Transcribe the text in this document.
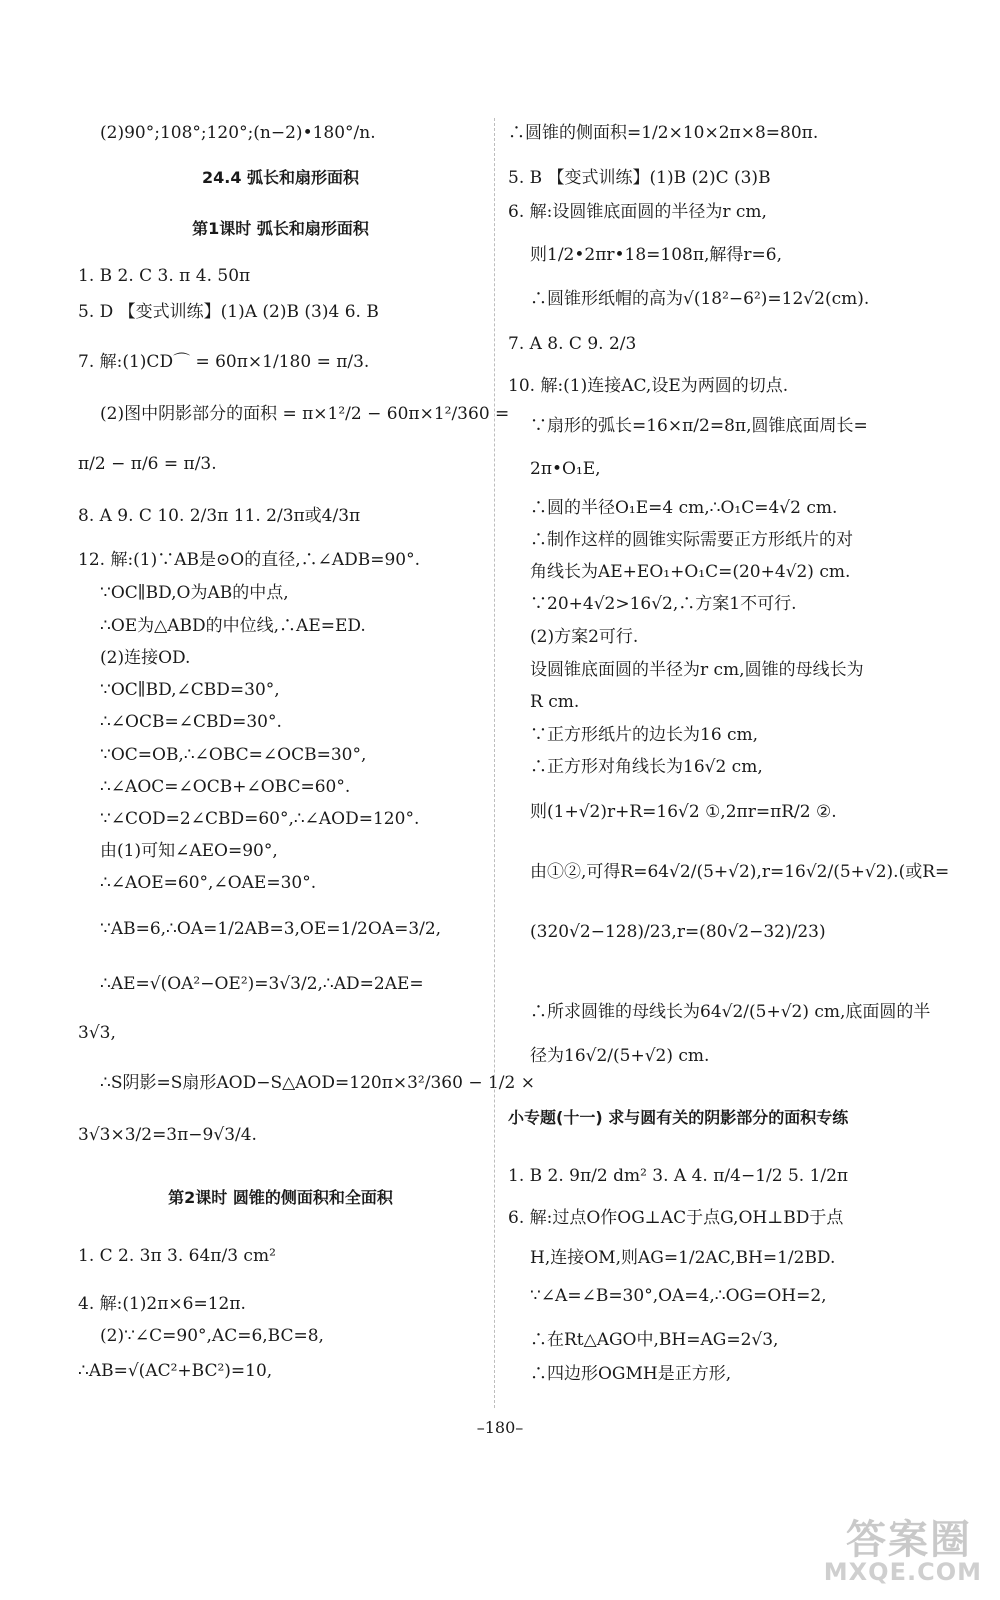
(2)90°;108°;120°;(n−2)•180°/n.
24.4 弧长和扇形面积
第1课时 弧长和扇形面积
1. B 2. C 3. π 4. 50π
5. D 【变式训练】(1)A (2)B (3)4 6. B
7. 解:(1)CD⌒ = 60π×1/180 = π/3.
(2)图中阴影部分的面积 = π×1²/2 − 60π×1²/360 =
π/2 − π/6 = π/3.
8. A 9. C 10. 2/3π 11. 2/3π或4/3π
12. 解:(1)∵AB是⊙O的直径,∴∠ADB=90°.
∵OC∥BD,O为AB的中点,
∴OE为△ABD的中位线,∴AE=ED.
(2)连接OD.
∵OC∥BD,∠CBD=30°,
∴∠OCB=∠CBD=30°.
∵OC=OB,∴∠OBC=∠OCB=30°,
∴∠AOC=∠OCB+∠OBC=60°.
∵∠COD=2∠CBD=60°,∴∠AOD=120°.
由(1)可知∠AEO=90°,
∴∠AOE=60°,∠OAE=30°.
∵AB=6,∴OA=1/2AB=3,OE=1/2OA=3/2,
∴AE=√(OA²−OE²)=3√3/2,∴AD=2AE=
3√3,
∴S阴影=S扇形AOD−S△AOD=120π×3²/360 − 1/2 ×
3√3×3/2=3π−9√3/4.
第2课时 圆锥的侧面积和全面积
1. C 2. 3π 3. 64π/3 cm²
4. 解:(1)2π×6=12π.
(2)∵∠C=90°,AC=6,BC=8,
∴AB=√(AC²+BC²)=10,
∴圆锥的侧面积=1/2×10×2π×8=80π.
5. B 【变式训练】(1)B (2)C (3)B
6. 解:设圆锥底面圆的半径为r cm,
则1/2•2πr•18=108π,解得r=6,
∴圆锥形纸帽的高为√(18²−6²)=12√2(cm).
7. A 8. C 9. 2/3
10. 解:(1)连接AC,设E为两圆的切点.
∵扇形的弧长=16×π/2=8π,圆锥底面周长=
2π•O₁E,
∴圆的半径O₁E=4 cm,∴O₁C=4√2 cm.
∴制作这样的圆锥实际需要正方形纸片的对
角线长为AE+EO₁+O₁C=(20+4√2) cm.
∵20+4√2>16√2,∴方案1不可行.
(2)方案2可行.
设圆锥底面圆的半径为r cm,圆锥的母线长为
R cm.
∵正方形纸片的边长为16 cm,
∴正方形对角线长为16√2 cm,
则(1+√2)r+R=16√2 ①,2πr=πR/2 ②.
由①②,可得R=64√2/(5+√2),r=16√2/(5+√2).(或R=
(320√2−128)/23,r=(80√2−32)/23)
∴所求圆锥的母线长为64√2/(5+√2) cm,底面圆的半
径为16√2/(5+√2) cm.
小专题(十一) 求与圆有关的阴影部分的面积专练
1. B 2. 9π/2 dm² 3. A 4. π/4−1/2 5. 1/2π
6. 解:过点O作OG⊥AC于点G,OH⊥BD于点
H,连接OM,则AG=1/2AC,BH=1/2BD.
∵∠A=∠B=30°,OA=4,∴OG=OH=2,
∴在Rt△AGO中,BH=AG=2√3,
∴四边形OGMH是正方形,
–180–
答案圈
MXQE.COM
